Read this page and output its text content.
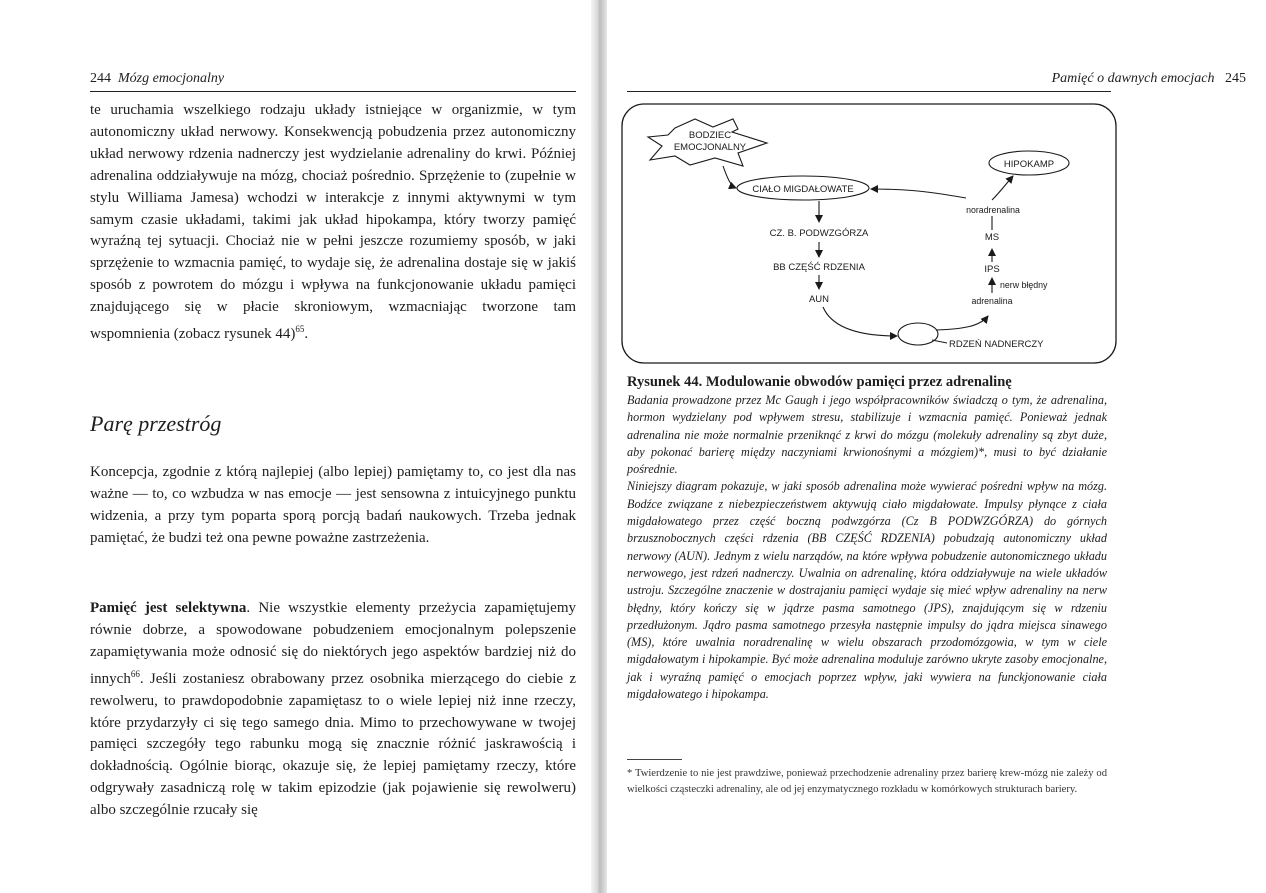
244 Mózg emocjonalny

te uruchamia wszelkiego rodzaju układy istniejące w organizmie, w tym autonomiczny układ nerwowy. Konsekwencją pobudzenia przez autonomiczny układ nerwowy rdzenia nadnerczy jest wydzielanie adrenaliny do krwi. Później adrenalina oddziaływuje na mózg, chociaż pośrednio. Sprzężenie to (zupełnie w stylu Williama Jamesa) wchodzi w interakcje z innymi aktywnymi w tym samym czasie układami, takimi jak układ hipokampa, który tworzy pamięć wyraźną tej sytuacji. Chociaż nie w pełni jeszcze rozumiemy sposób, w jaki sprzężenie to wzmacnia pamięć, to wydaje się, że adrenalina dostaje się w jakiś sposób z powrotem do mózgu i wpływa na funkcjonowanie układu pamięci znajdującego się w płacie skroniowym, wzmacniając tworzone tam wspomnienia (zobacz rysunek 44)$^{65}$.

Parę przestróg

Koncepcja, zgodnie z którą najlepiej (albo lepiej) pamiętamy to, co jest dla nas ważne — to, co wzbudza w nas emocje — jest sensowna z intuicyjnego punktu widzenia, a przy tym poparta sporą porcją badań naukowych. Trzeba jednak pamiętać, że budzi też ona pewne poważne zastrzeżenia.

Pamięć jest selektywna. Nie wszystkie elementy przeżycia zapamiętujemy równie dobrze, a spowodowane pobudzeniem emocjonalnym polepszenie zapamiętywania może odnosić się do niektórych jego aspektów bardziej niż do innych$^{66}$. Jeśli zostaniesz obrabowany przez osobnika mierzącego do ciebie z rewolweru, to prawdopodobnie zapamiętasz to o wiele lepiej niż inne rzeczy, które przydarzyły ci się tego samego dnia. Mimo to przechowywane w twojej pamięci szczegóły tego rabunku mogą się znacznie różnić jaskrawością i dokładnością. Ogólnie biorąc, okazuje się, że lepiej pamiętamy rzeczy, które odgrywały zasadniczą rolę w takim epizodzie (jak pojawienie się rewolweru) albo szczególnie rzucały się

Pamięć o dawnych emocjach 245
BODZIEC
EMOCJONALNY
CIAŁO MIGDAŁOWATE
HIPOKAMP
noradrenalina
CZ. B. PODWZGÓRZA
BB CZĘŚĆ RDZENIA
AUN
RDZEŃ NADNERCZY
adrenalina
nerw błędny
IPS
MS
Rysunek 44. Modulowanie obwodów pamięci przez adrenalinę

Badania prowadzone przez Mc Gaugh i jego współpracowników świadczą o tym, że adrenalina, hormon wydzielany pod wpływem stresu, stabilizuje i wzmacnia pamięć. Ponieważ jednak adrenalina nie może normalnie przeniknąć z krwi do mózgu (molekuły adrenaliny są zbyt duże, aby pokonać barierę między naczyniami krwionośnymi a mózgiem)*, musi to być działanie pośrednie.

Niniejszy diagram pokazuje, w jaki sposób adrenalina może wywierać pośredni wpływ na mózg. Bodźce związane z niebezpieczeństwem aktywują ciało migdałowate. Impulsy płynące z ciała migdałowatego przez część boczną podwzgórza (Cz B PODWZGÓRZA) do górnych brzusznobocznych części rdzenia (BB CZĘŚĆ RDZENIA) pobudzają autonomiczny układ nerwowy (AUN). Jednym z wielu narządów, na które wpływa pobudzenie autonomicznego układu nerwowego, jest rdzeń nadnerczy. Uwalnia on adrenalinę, która oddziaływuje na wiele układów ustroju. Szczególne znaczenie w dostrajaniu pamięci wydaje się mieć wpływ adrenaliny na nerw błędny, który kończy się w jądrze pasma samotnego (JPS), znajdującym się w rdzeniu przedłużonym. Jądro pasma samotnego przesyła następnie impulsy do jądra miejsca sinawego (MS), które uwalnia noradrenalinę w wielu obszarach przodomózgowia, w tym w ciele migdałowatym i hipokampie. Być może adrenalina moduluje zarówno ukryte zasoby emocjonalne, jak i wyraźną pamięć o emocjach poprzez wpływ, jaki wywiera na funckjonowanie ciała migdałowatego i hipokampa.

* Twierdzenie to nie jest prawdziwe, ponieważ przechodzenie adrenaliny przez barierę krew-mózg nie zależy od wielkości cząsteczki adrenaliny, ale od jej enzymatycznego rozkładu w komórkowych strukturach bariery.
